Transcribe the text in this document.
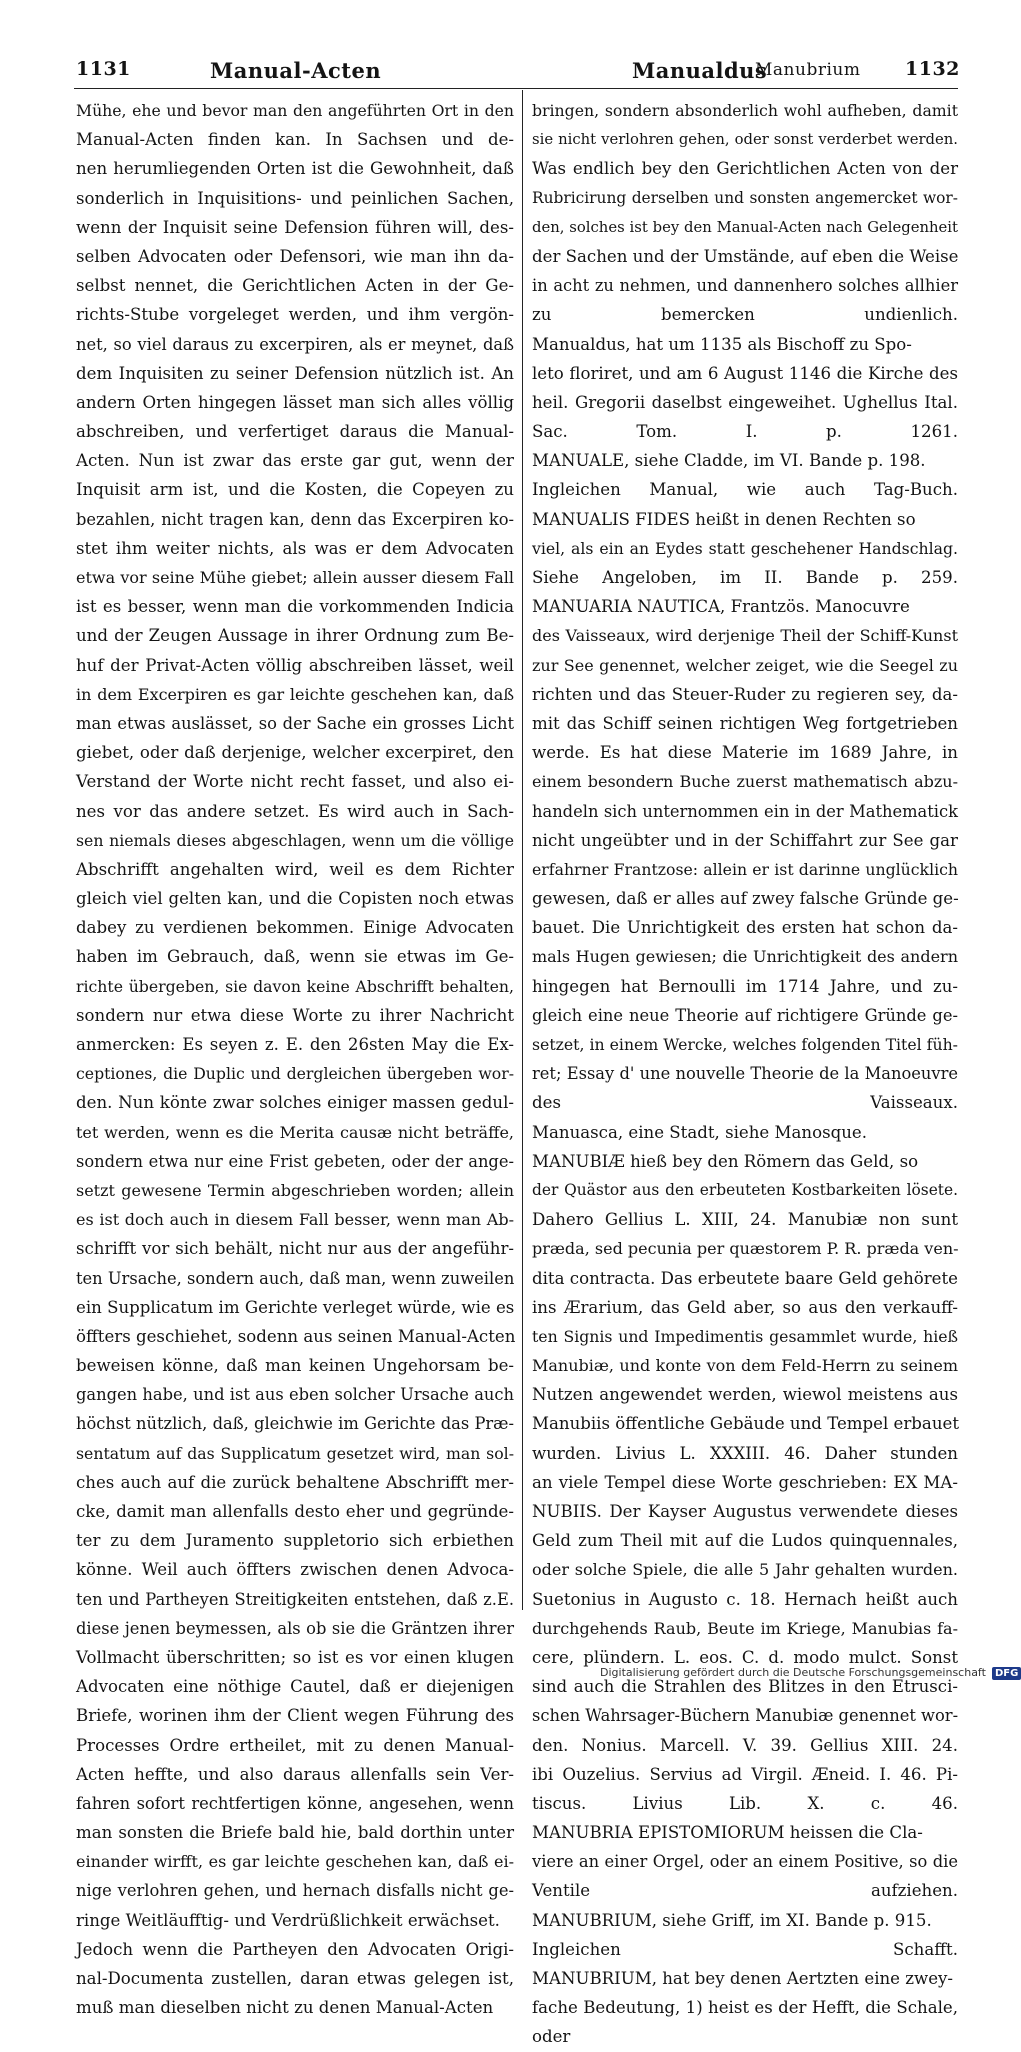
1131	Manual-Acten	Manualdus
Manubrium 1132
Mühe, ehe und bevor man den angeführten Ort in den
Manual-Acten finden kan. In Sachsen und de-
nen herumliegenden Orten ist die Gewohnheit, daß
sonderlich in Inquisitions- und peinlichen Sachen,
wenn der Inquisit seine Defension führen will, des-
selben Advocaten oder Defensori, wie man ihn da-
selbst nennet, die Gerichtlichen Acten in der Ge-
richts-Stube vorgeleget werden, und ihm vergön-
net, so viel daraus zu excerpiren, als er meynet, daß
dem Inquisiten zu seiner Defension nützlich ist. An
andern Orten hingegen lässet man sich alles völlig
abschreiben, und verfertiget daraus die Manual-
Acten. Nun ist zwar das erste gar gut, wenn der
Inquisit arm ist, und die Kosten, die Copeyen zu
bezahlen, nicht tragen kan, denn das Excerpiren ko-
stet ihm weiter nichts, als was er dem Advocaten
etwa vor seine Mühe giebet; allein ausser diesem Fall
ist es besser, wenn man die vorkommenden Indicia
und der Zeugen Aussage in ihrer Ordnung zum Be-
huf der Privat-Acten völlig abschreiben lässet, weil
in dem Excerpiren es gar leichte geschehen kan, daß
man etwas auslässet, so der Sache ein grosses Licht
giebet, oder daß derjenige, welcher excerpiret, den
Verstand der Worte nicht recht fasset, und also ei-
nes vor das andere setzet. Es wird auch in Sach-
sen niemals dieses abgeschlagen, wenn um die völlige
Abschrifft angehalten wird, weil es dem Richter
gleich viel gelten kan, und die Copisten noch etwas
dabey zu verdienen bekommen. Einige Advocaten
haben im Gebrauch, daß, wenn sie etwas im Ge-
richte übergeben, sie davon keine Abschrifft behalten,
sondern nur etwa diese Worte zu ihrer Nachricht
anmercken: Es seyen z. E. den 26sten May die Ex-
ceptiones, die Duplic und dergleichen übergeben wor-
den. Nun könte zwar solches einiger massen gedul-
tet werden, wenn es die Merita causæ nicht beträffe,
sondern etwa nur eine Frist gebeten, oder der ange-
setzt gewesene Termin abgeschrieben worden; allein
es ist doch auch in diesem Fall besser, wenn man Ab-
schrifft vor sich behält, nicht nur aus der angeführ-
ten Ursache, sondern auch, daß man, wenn zuweilen
ein Supplicatum im Gerichte verleget würde, wie es
öffters geschiehet, sodenn aus seinen Manual-Acten
beweisen könne, daß man keinen Ungehorsam be-
gangen habe, und ist aus eben solcher Ursache auch
höchst nützlich, daß, gleichwie im Gerichte das Præ-
sentatum auf das Supplicatum gesetzet wird, man sol-
ches auch auf die zurück behaltene Abschrifft mer-
cke, damit man allenfalls desto eher und gegründe-
ter zu dem Juramento suppletorio sich erbiethen
könne. Weil auch öffters zwischen denen Advoca-
ten und Partheyen Streitigkeiten entstehen, daß z.E.
diese jenen beymessen, als ob sie die Gräntzen ihrer
Vollmacht überschritten; so ist es vor einen klugen
Advocaten eine nöthige Cautel, daß er diejenigen
Briefe, worinen ihm der Client wegen Führung des
Processes Ordre ertheilet, mit zu denen Manual-
Acten heffte, und also daraus allenfalls sein Ver-
fahren sofort rechtfertigen könne, angesehen, wenn
man sonsten die Briefe bald hie, bald dorthin unter
einander wirfft, es gar leichte geschehen kan, daß ei-
nige verlohren gehen, und hernach disfalls nicht ge-
ringe Weitläufftig- und Verdrüßlichkeit erwächset.
Jedoch wenn die Partheyen den Advocaten Origi-
nal-Documenta zustellen, daran etwas gelegen ist,
muß man dieselben nicht zu denen Manual-Acten
bringen, sondern absonderlich wohl aufheben, damit
sie nicht verlohren gehen, oder sonst verderbet werden.
Was endlich bey den Gerichtlichen Acten von der
Rubricirung derselben und sonsten angemercket wor-
den, solches ist bey den Manual-Acten nach Gelegenheit
der Sachen und der Umstände, auf eben die Weise
in acht zu nehmen, und dannenhero solches allhier
zu bemercken undienlich.
Manualdus, hat um 1135 als Bischoff zu Spo-
leto floriret, und am 6 August 1146 die Kirche des
heil. Gregorii daselbst eingeweihet. Ughellus Ital.
Sac. Tom. I. p. 1261.
MANUALE, siehe Cladde, im VI. Bande p. 198.
Ingleichen Manual, wie auch Tag-Buch.
MANUALIS FIDES heißt in denen Rechten so
viel, als ein an Eydes statt geschehener Handschlag.
Siehe Angeloben, im II. Bande p. 259.
MANUARIA NAUTICA, Frantzös. Manocuvre
des Vaisseaux, wird derjenige Theil der Schiff-Kunst
zur See genennet, welcher zeiget, wie die Seegel zu
richten und das Steuer-Ruder zu regieren sey, da-
mit das Schiff seinen richtigen Weg fortgetrieben
werde. Es hat diese Materie im 1689 Jahre, in
einem besondern Buche zuerst mathematisch abzu-
handeln sich unternommen ein in der Mathematick
nicht ungeübter und in der Schiffahrt zur See gar
erfahrner Frantzose: allein er ist darinne unglücklich
gewesen, daß er alles auf zwey falsche Gründe ge-
bauet. Die Unrichtigkeit des ersten hat schon da-
mals Hugen gewiesen; die Unrichtigkeit des andern
hingegen hat Bernoulli im 1714 Jahre, und zu-
gleich eine neue Theorie auf richtigere Gründe ge-
setzet, in einem Wercke, welches folgenden Titel füh-
ret; Essay d' une nouvelle Theorie de la Manoeuvre
des Vaisseaux.
Manuasca, eine Stadt, siehe Manosque.
MANUBIÆ hieß bey den Römern das Geld, so
der Quästor aus den erbeuteten Kostbarkeiten lösete.
Dahero Gellius L. XIII, 24. Manubiæ non sunt
præda, sed pecunia per quæstorem P. R. præda ven-
dita contracta. Das erbeutete baare Geld gehörete
ins Ærarium, das Geld aber, so aus den verkauff-
ten Signis und Impedimentis gesammlet wurde, hieß
Manubiæ, und konte von dem Feld-Herrn zu seinem
Nutzen angewendet werden, wiewol meistens aus
Manubiis öffentliche Gebäude und Tempel erbauet
wurden. Livius L. XXXIII. 46. Daher stunden
an viele Tempel diese Worte geschrieben: EX MA-
NUBIIS. Der Kayser Augustus verwendete dieses
Geld zum Theil mit auf die Ludos quinquennales,
oder solche Spiele, die alle 5 Jahr gehalten wurden.
Suetonius in Augusto c. 18. Hernach heißt auch
durchgehends Raub, Beute im Kriege, Manubias fa-
cere, plündern. L. eos. C. d. modo mulct. Sonst
sind auch die Strahlen des Blitzes in den Etrusci-
schen Wahrsager-Büchern Manubiæ genennet wor-
den. Nonius. Marcell. V. 39. Gellius XIII. 24.
ibi Ouzelius. Servius ad Virgil. Æneid. I. 46. Pi-
tiscus. Livius Lib. X. c. 46.
MANUBRIA EPISTOMIORUM heissen die Cla-
viere an einer Orgel, oder an einem Positive, so die
Ventile aufziehen.
MANUBRIUM, siehe Griff, im XI. Bande p. 915.
Ingleichen Schafft.
MANUBRIUM, hat bey denen Aertzten eine zwey-
fache Bedeutung, 1) heist es der Hefft, die Schale,
oder
Digitalisierung gefördert durch die Deutsche Forschungsgemeinschaft DFG
